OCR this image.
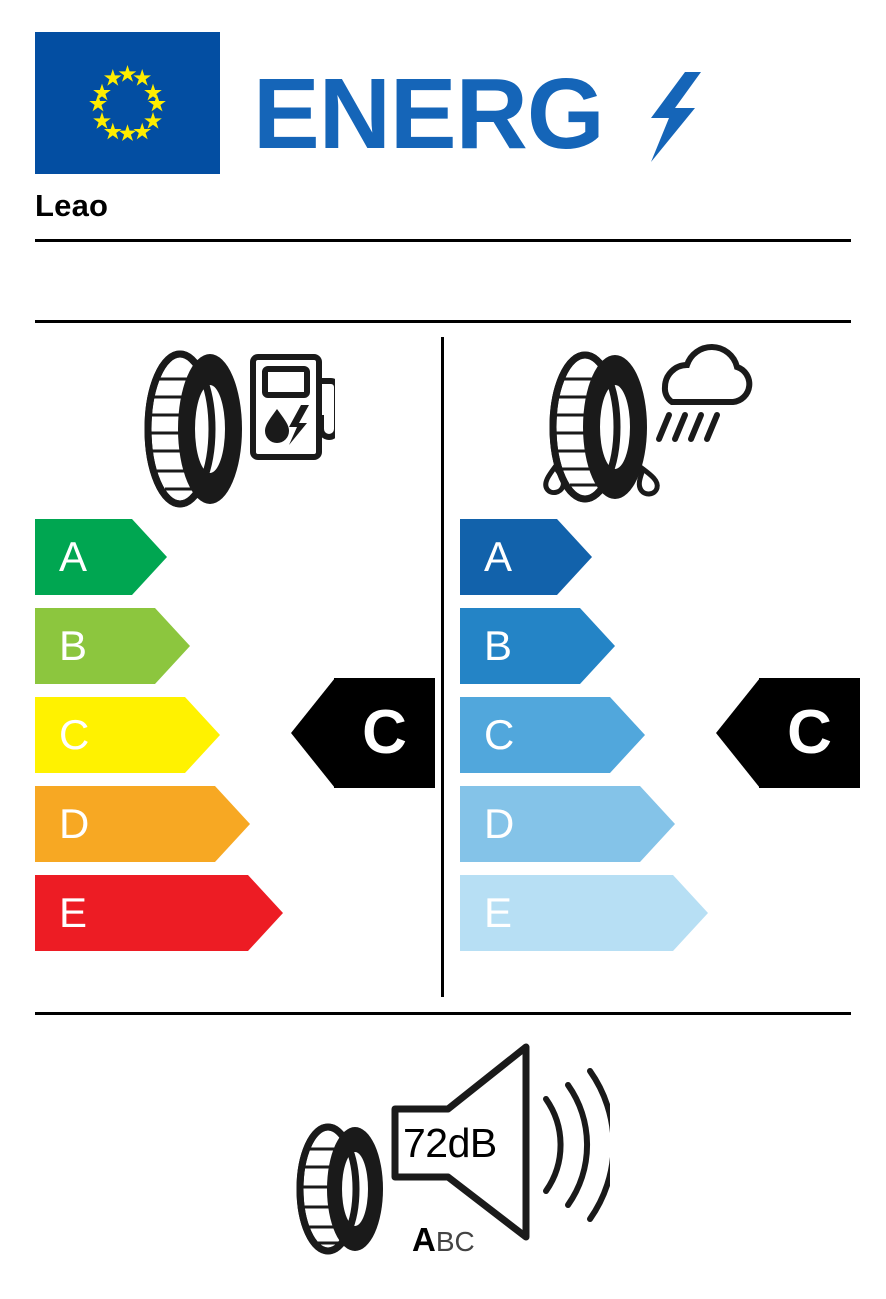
ENERG
Leao
A
B
C
D
E
A
B
C
D
E
C	C
72dB
ABC
